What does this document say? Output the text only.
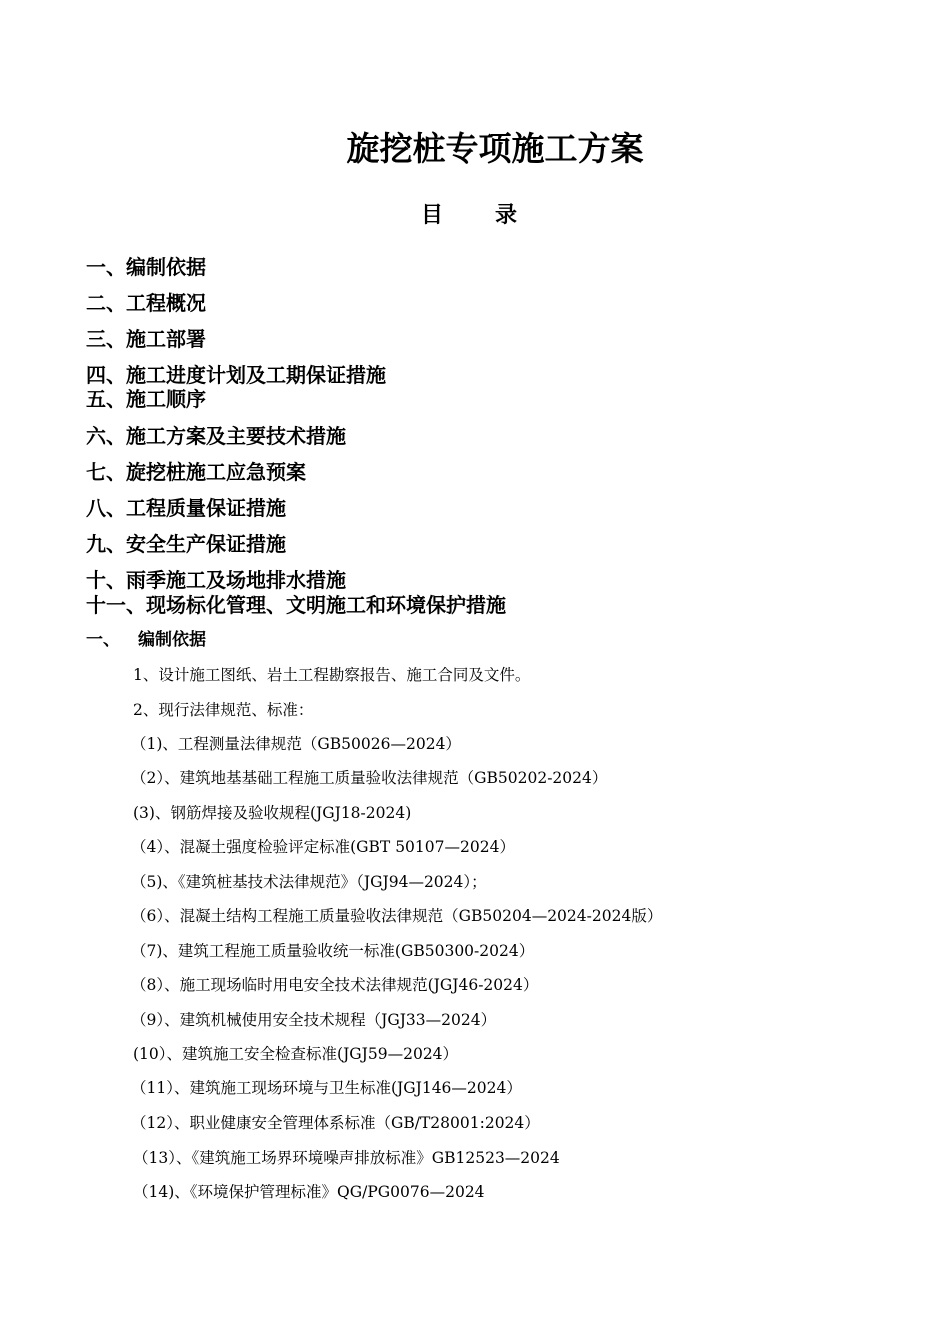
旋挖桩专项施工方案
目录
一、编制依据
二、工程概况
三、施工部署
四、施工进度计划及工期保证措施
五、施工顺序
六、施工方案及主要技术措施
七、旋挖桩施工应急预案
八、工程质量保证措施
九、安全生产保证措施
十、雨季施工及场地排水措施
十一、现场标化管理、文明施工和环境保护措施
一、 编制依据
1、设计施工图纸、岩土工程勘察报告、施工合同及文件。
2、现行法律规范、标准：
（1)、工程测量法律规范（GB50026—2024）
（2）、建筑地基基础工程施工质量验收法律规范（GB50202-2024）
(3)、钢筋焊接及验收规程(JGJ18-2024)
（4）、混凝土强度检验评定标准(GBT 50107—2024）
（5)、《建筑桩基技术法律规范》（JGJ94—2024）；
（6）、混凝土结构工程施工质量验收法律规范（GB50204—2024-2024版）
（7)、建筑工程施工质量验收统一标准(GB50300-2024）
（8）、施工现场临时用电安全技术法律规范(JGJ46-2024）
（9）、建筑机械使用安全技术规程（JGJ33—2024）
(10）、建筑施工安全检查标准(JGJ59—2024）
（11）、建筑施工现场环境与卫生标准(JGJ146—2024）
（12）、职业健康安全管理体系标准（GB/T28001:2024）
（13）、《建筑施工场界环境噪声排放标准》GB12523—2024
（14)、《环境保护管理标准》QG/PG0076—2024
